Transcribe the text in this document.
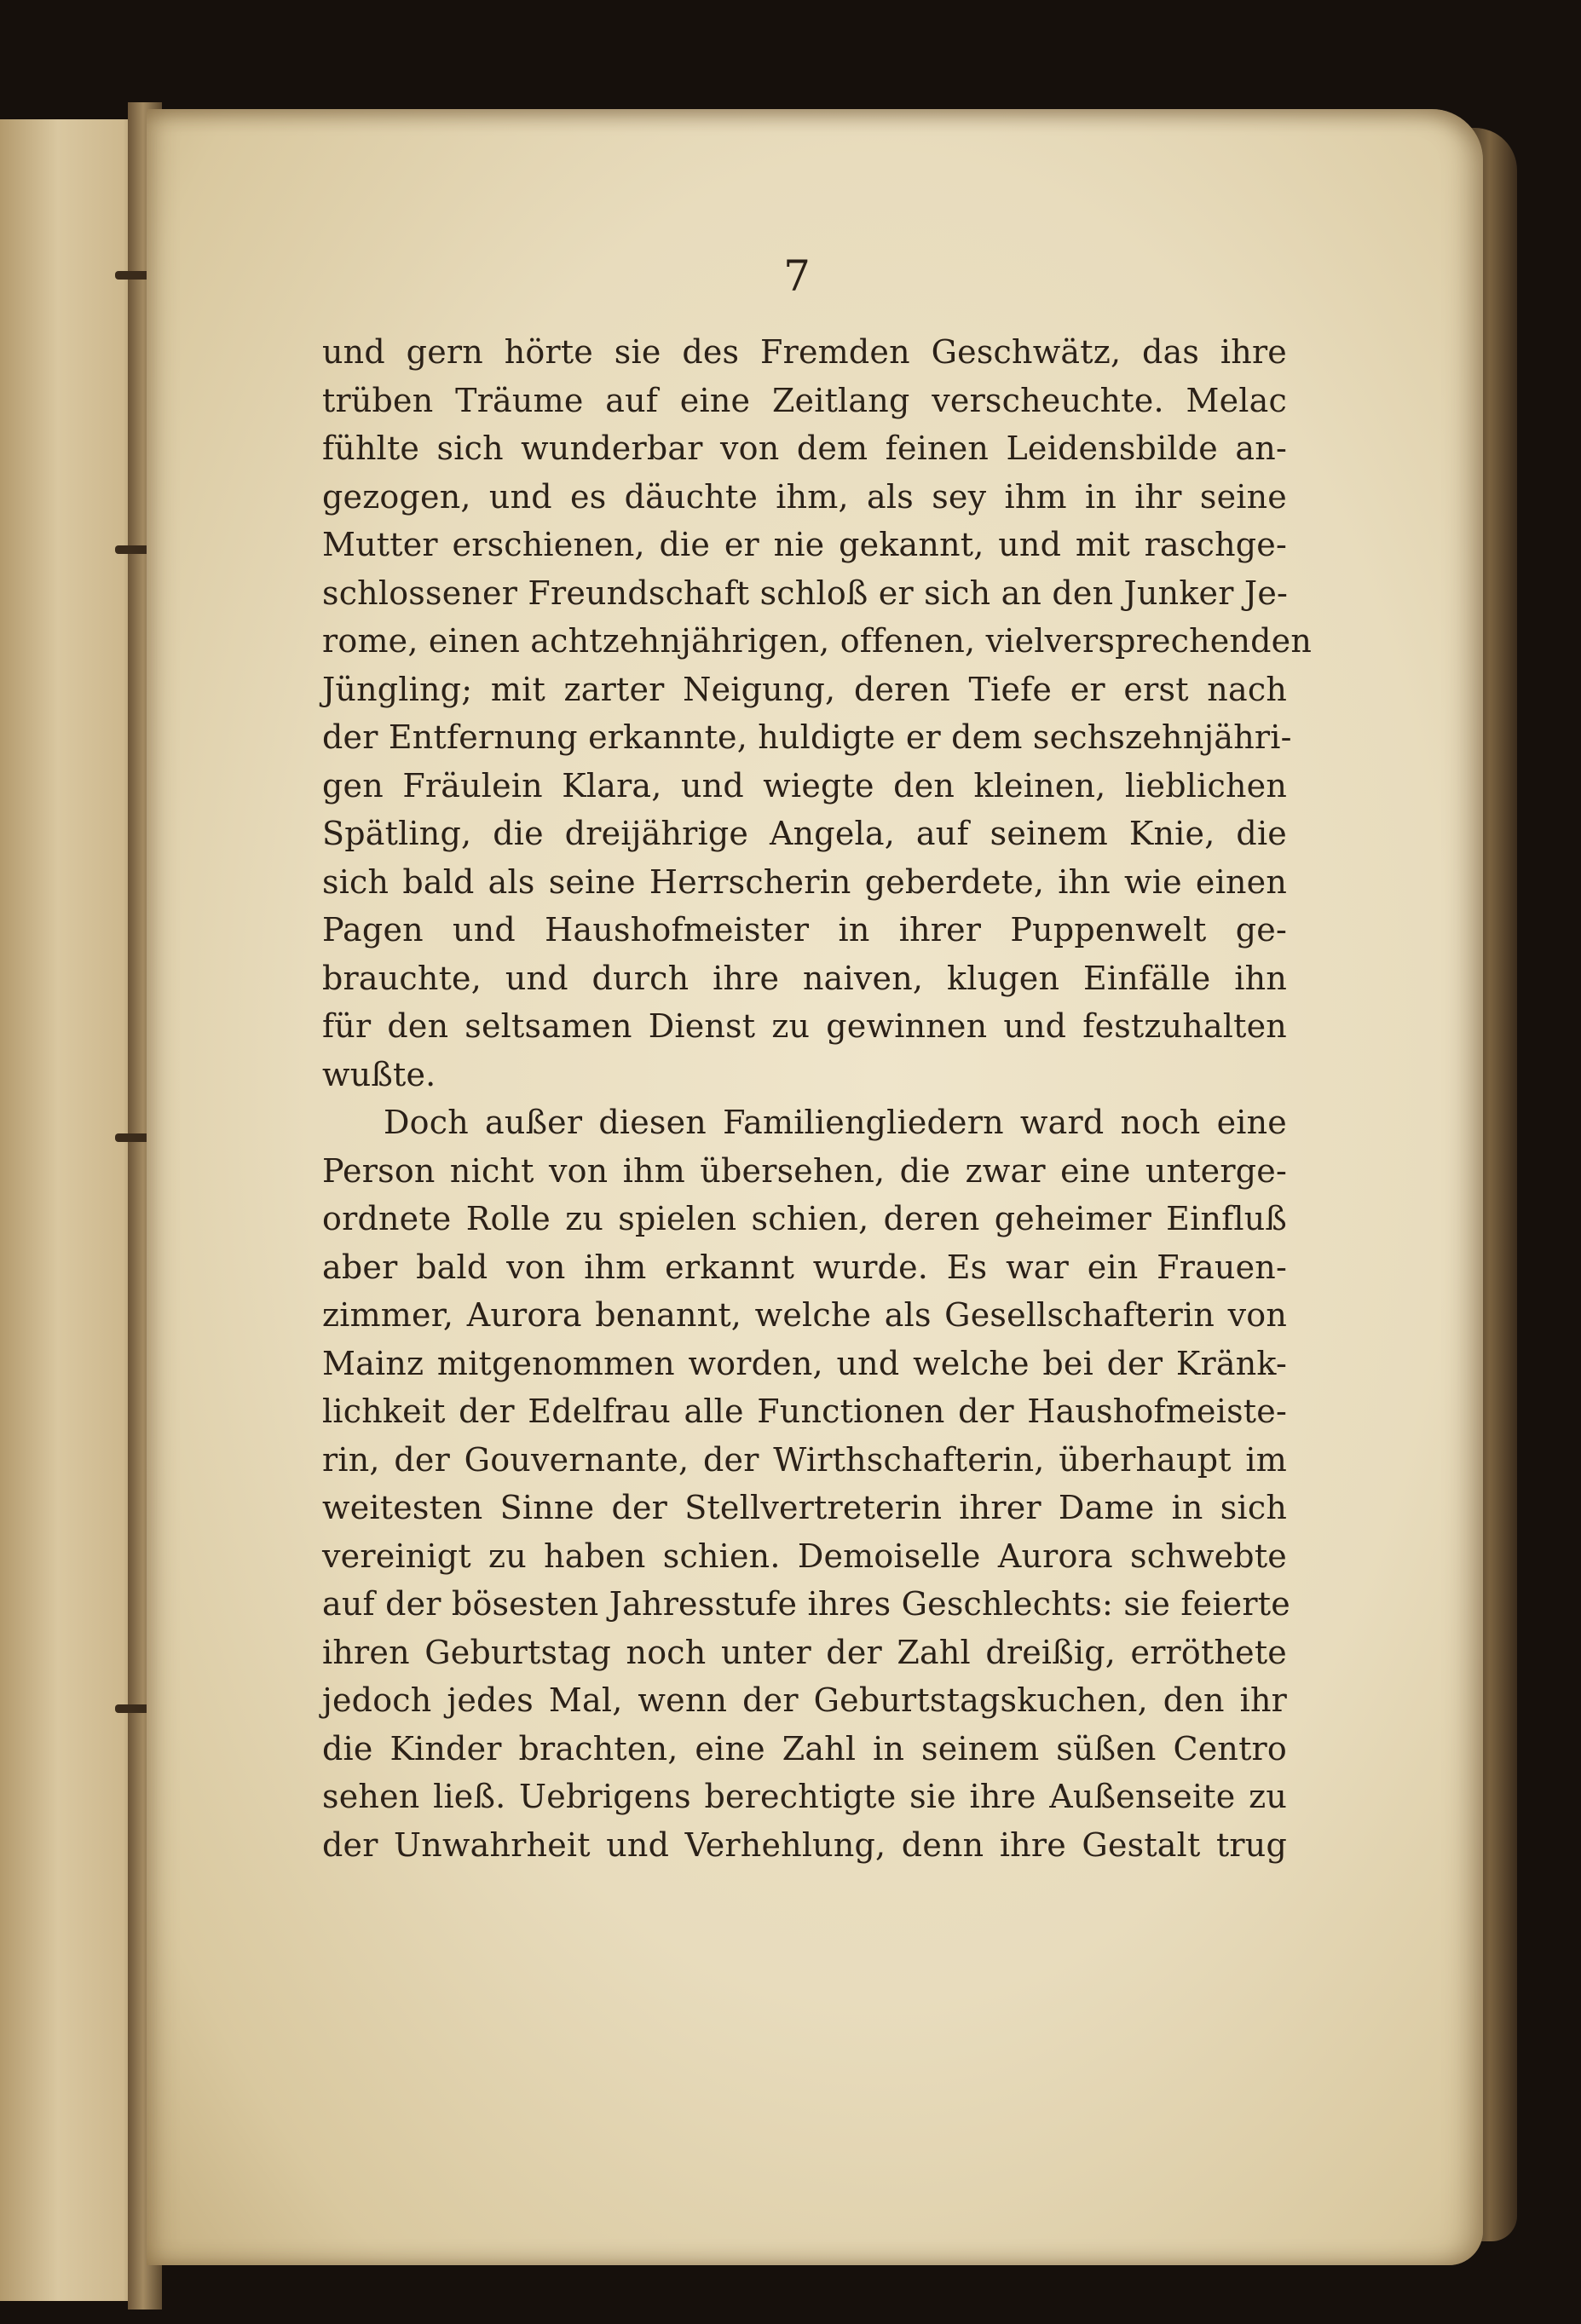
7
und gern hörte sie des Fremden Geschwätz, das ihre
trüben Träume auf eine Zeitlang verscheuchte. Melac
fühlte sich wunderbar von dem feinen Leidensbilde an-
gezogen, und es däuchte ihm, als sey ihm in ihr seine
Mutter erschienen, die er nie gekannt, und mit raschge-
schlossener Freundschaft schloß er sich an den Junker Je-
rome, einen achtzehnjährigen, offenen, vielversprechenden
Jüngling; mit zarter Neigung, deren Tiefe er erst nach
der Entfernung erkannte, huldigte er dem sechszehnjähri-
gen Fräulein Klara, und wiegte den kleinen, lieblichen
Spätling, die dreijährige Angela, auf seinem Knie, die
sich bald als seine Herrscherin geberdete, ihn wie einen
Pagen und Haushofmeister in ihrer Puppenwelt ge-
brauchte, und durch ihre naiven, klugen Einfälle ihn
für den seltsamen Dienst zu gewinnen und festzuhalten
wußte.
Doch außer diesen Familiengliedern ward noch eine
Person nicht von ihm übersehen, die zwar eine unterge-
ordnete Rolle zu spielen schien, deren geheimer Einfluß
aber bald von ihm erkannt wurde. Es war ein Frauen-
zimmer, Aurora benannt, welche als Gesellschafterin von
Mainz mitgenommen worden, und welche bei der Kränk-
lichkeit der Edelfrau alle Functionen der Haushofmeiste-
rin, der Gouvernante, der Wirthschafterin, überhaupt im
weitesten Sinne der Stellvertreterin ihrer Dame in sich
vereinigt zu haben schien. Demoiselle Aurora schwebte
auf der bösesten Jahresstufe ihres Geschlechts: sie feierte
ihren Geburtstag noch unter der Zahl dreißig, erröthete
jedoch jedes Mal, wenn der Geburtstagskuchen, den ihr
die Kinder brachten, eine Zahl in seinem süßen Centro
sehen ließ. Uebrigens berechtigte sie ihre Außenseite zu
der Unwahrheit und Verhehlung, denn ihre Gestalt trug
